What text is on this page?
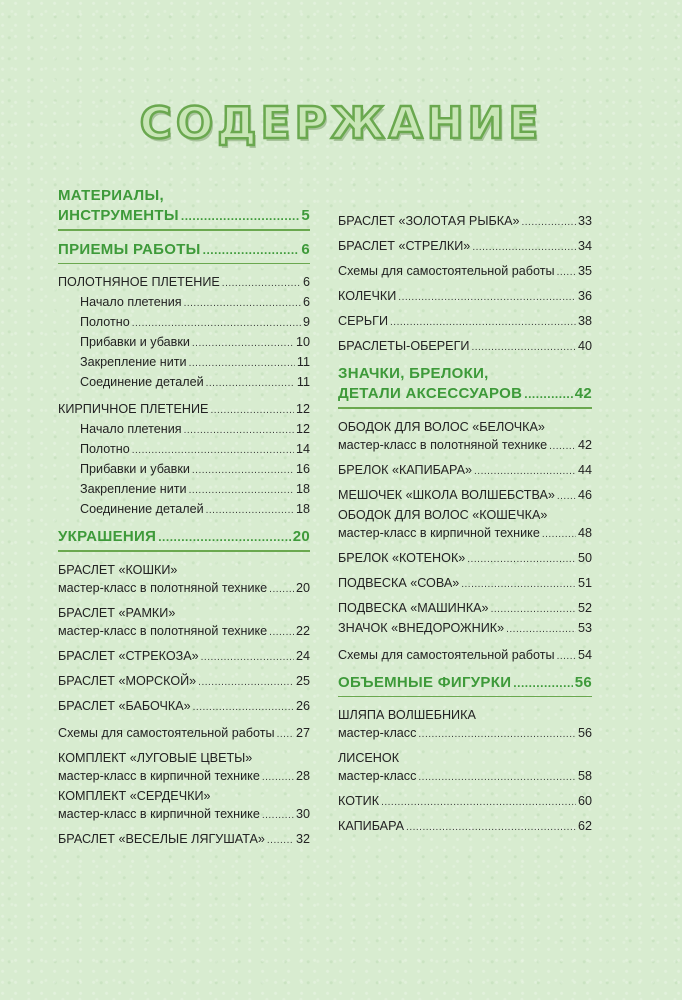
СОДЕРЖАНИЕ
МАТЕРИАЛЫ,
ИНСТРУМЕНТЫ .....	5
ПРИЕМЫ РАБОТЫ .....	6
ПОЛОТНЯНОЕ ПЛЕТЕНИЕ .....	6
Начало плетения .....	6
Полотно .....	9
Прибавки и убавки .....	10
Закрепление нити .....	11
Соединение деталей .....	11
КИРПИЧНОЕ ПЛЕТЕНИЕ .....	12
Начало плетения .....	12
Полотно .....	14
Прибавки и убавки .....	16
Закрепление нити .....	18
Соединение деталей .....	18
УКРАШЕНИЯ .....	20
БРАСЛЕТ «КОШКИ»
мастер-класс в полотняной технике ..... 20
БРАСЛЕТ «РАМКИ»
мастер-класс в полотняной технике ..... 22
БРАСЛЕТ «СТРЕКОЗА» .....	24
БРАСЛЕТ «МОРСКОЙ» .....	25
БРАСЛЕТ «БАБОЧКА» .....	26
Схемы для самостоятельной работы ..... 27
КОМПЛЕКТ «ЛУГОВЫЕ ЦВЕТЫ»
мастер-класс в кирпичной технике .....	28
КОМПЛЕКТ «СЕРДЕЧКИ»
мастер-класс в кирпичной технике .....	30
БРАСЛЕТ «ВЕСЕЛЫЕ ЛЯГУШАТА» ..... 32
БРАСЛЕТ «ЗОЛОТАЯ РЫБКА» .....	33
БРАСЛЕТ «СТРЕЛКИ» .....	34
Схемы для самостоятельной работы ..... 35
КОЛЕЧКИ .....	36
СЕРЬГИ .....	38
БРАСЛЕТЫ-ОБЕРЕГИ .....	40
ЗНАЧКИ, БРЕЛОКИ,
ДЕТАЛИ АКСЕССУАРОВ .....	42
ОБОДОК ДЛЯ ВОЛОС «БЕЛОЧКА»
мастер-класс в полотняной технике ..... 42
БРЕЛОК «КАПИБАРА» .....	44
МЕШОЧЕК «ШКОЛА ВОЛШЕБСТВА» ..... 46
ОБОДОК ДЛЯ ВОЛОС «КОШЕЧКА»
мастер-класс в кирпичной технике .....	48
БРЕЛОК «КОТЕНОК» .....	50
ПОДВЕСКА «СОВА» .....	51
ПОДВЕСКА «МАШИНКА» .....	52
ЗНАЧОК «ВНЕДОРОЖНИК» .....	53
Схемы для самостоятельной работы ..... 54
ОБЪЕМНЫЕ ФИГУРКИ .....	56
ШЛЯПА ВОЛШЕБНИКА
мастер-класс .....	56
ЛИСЕНОК
мастер-класс .....	58
КОТИК .....	60
КАПИБАРА .....	62
